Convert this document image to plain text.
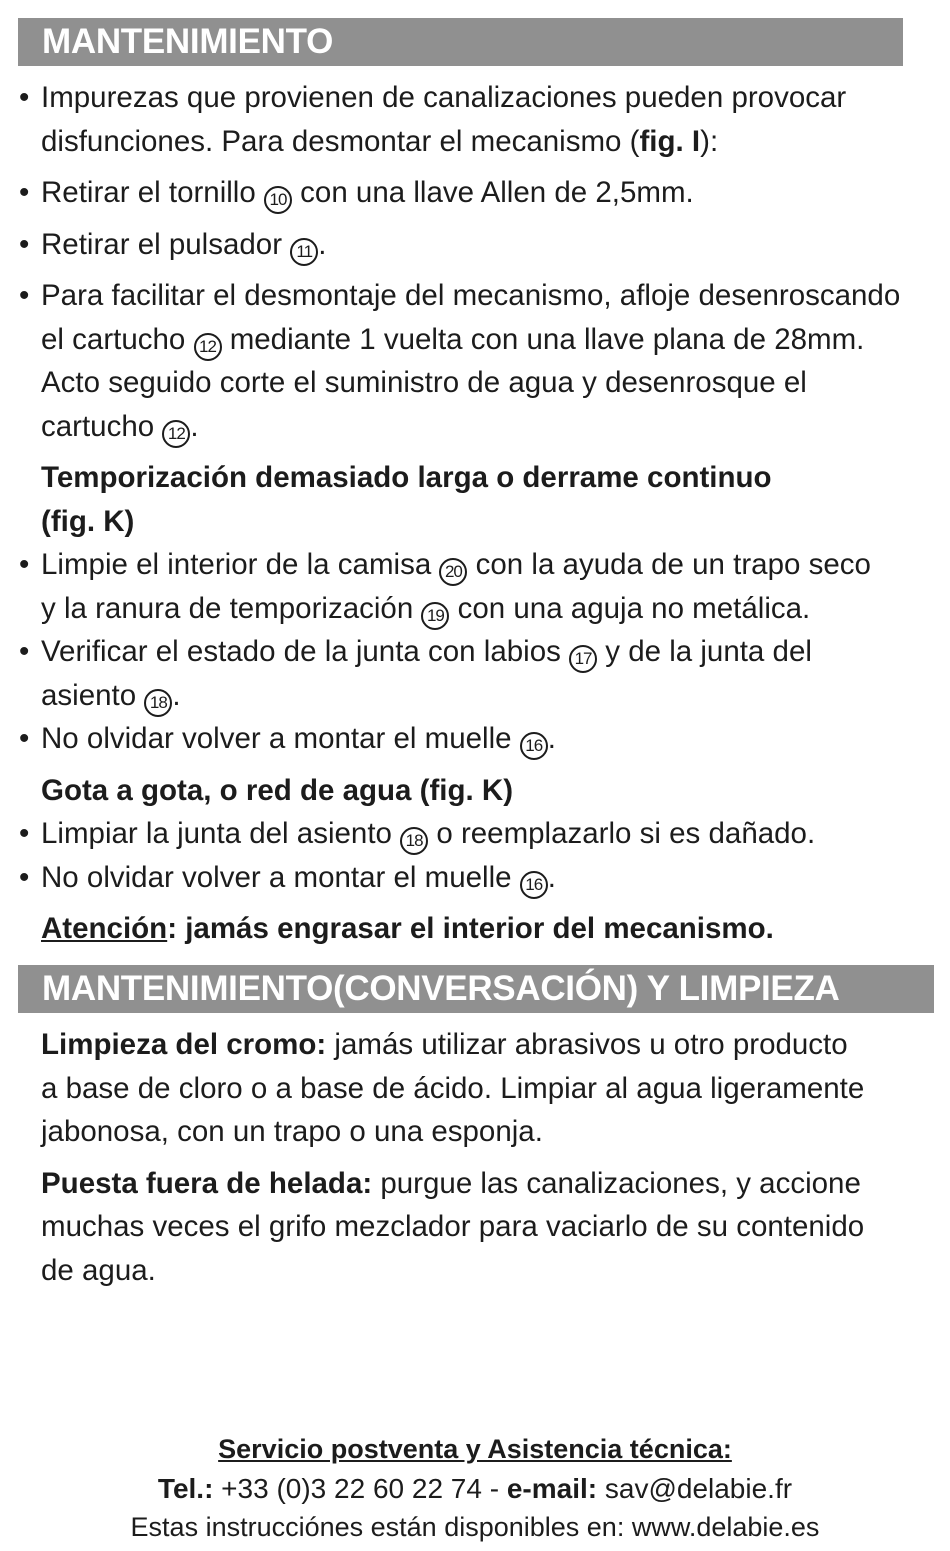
MANTENIMIENTO
• Impurezas que provienen de canalizaciones pueden provocar
disfunciones. Para desmontar el mecanismo (fig. I):
• Retirar el tornillo 10 con una llave Allen de 2,5mm.
• Retirar el pulsador 11 .
• Para facilitar el desmontaje del mecanismo, afloje desenroscando
el cartucho 12 mediante 1 vuelta con una llave plana de 28mm.
Acto seguido corte el suministro de agua y desenrosque el
cartucho 12 .
Temporización demasiado larga o derrame continuo
(fig. K)
• Limpie el interior de la camisa 20 con la ayuda de un trapo seco
y la ranura de temporización 19 con una aguja no metálica.
• Verificar el estado de la junta con labios 17 y de la junta del
asiento 18 .
• No olvidar volver a montar el muelle 16 .
Gota a gota, o red de agua (fig. K)
• Limpiar la junta del asiento 18 o reemplazarlo si es dañado.
• No olvidar volver a montar el muelle 16 .
Atención: jamás engrasar el interior del mecanismo.
MANTENIMIENTO(CONVERSACIÓN) Y LIMPIEZA
Limpieza del cromo: jamás utilizar abrasivos u otro producto
a base de cloro o a base de ácido. Limpiar al agua ligeramente
jabonosa, con un trapo o una esponja.
Puesta fuera de helada: purgue las canalizaciones, y accione
muchas veces el grifo mezclador para vaciarlo de su contenido
de agua.
Servicio postventa y Asistencia técnica:
Tel.: +33 (0)3 22 60 22 74 - e-mail: sav@delabie.fr
Estas instrucciónes están disponibles en: www.delabie.es
